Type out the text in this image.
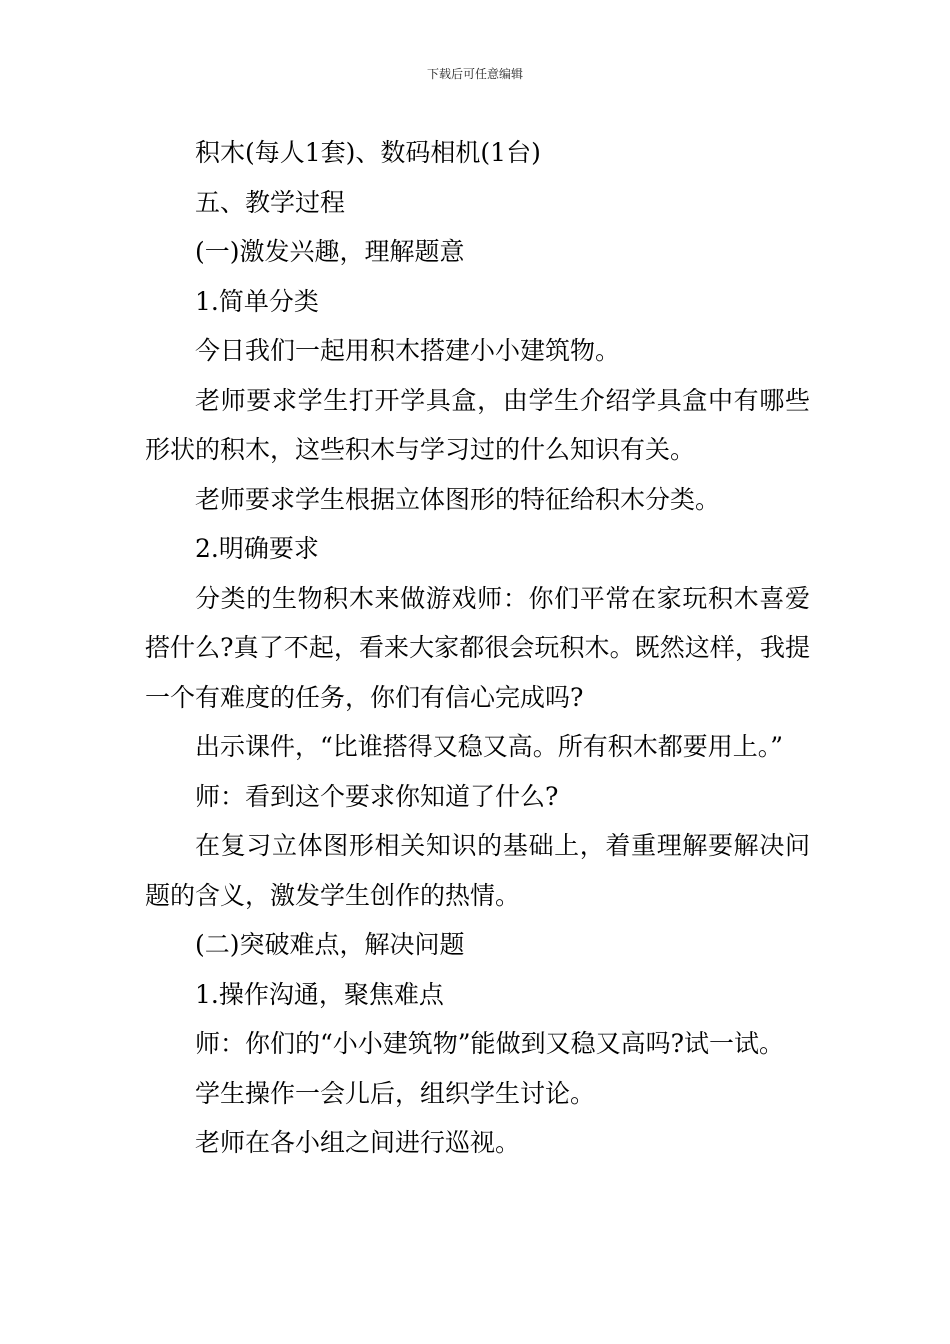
下载后可任意编辑

积木(每人1套)、数码相机(1台)

五、教学过程

(一)激发兴趣，理解题意

1.简单分类

今日我们一起用积木搭建小小建筑物。

老师要求学生打开学具盒，由学生介绍学具盒中有哪些形状的积木，这些积木与学习过的什么知识有关。

老师要求学生根据立体图形的特征给积木分类。

2.明确要求

分类的生物积木来做游戏师：你们平常在家玩积木喜爱搭什么?真了不起，看来大家都很会玩积木。既然这样，我提一个有难度的任务，你们有信心完成吗?

出示课件，“比谁搭得又稳又高。所有积木都要用上。”

师：看到这个要求你知道了什么?

在复习立体图形相关知识的基础上，着重理解要解决问题的含义，激发学生创作的热情。

(二)突破难点，解决问题

1.操作沟通，聚焦难点

师：你们的“小小建筑物”能做到又稳又高吗?试一试。

学生操作一会儿后，组织学生讨论。

老师在各小组之间进行巡视。
